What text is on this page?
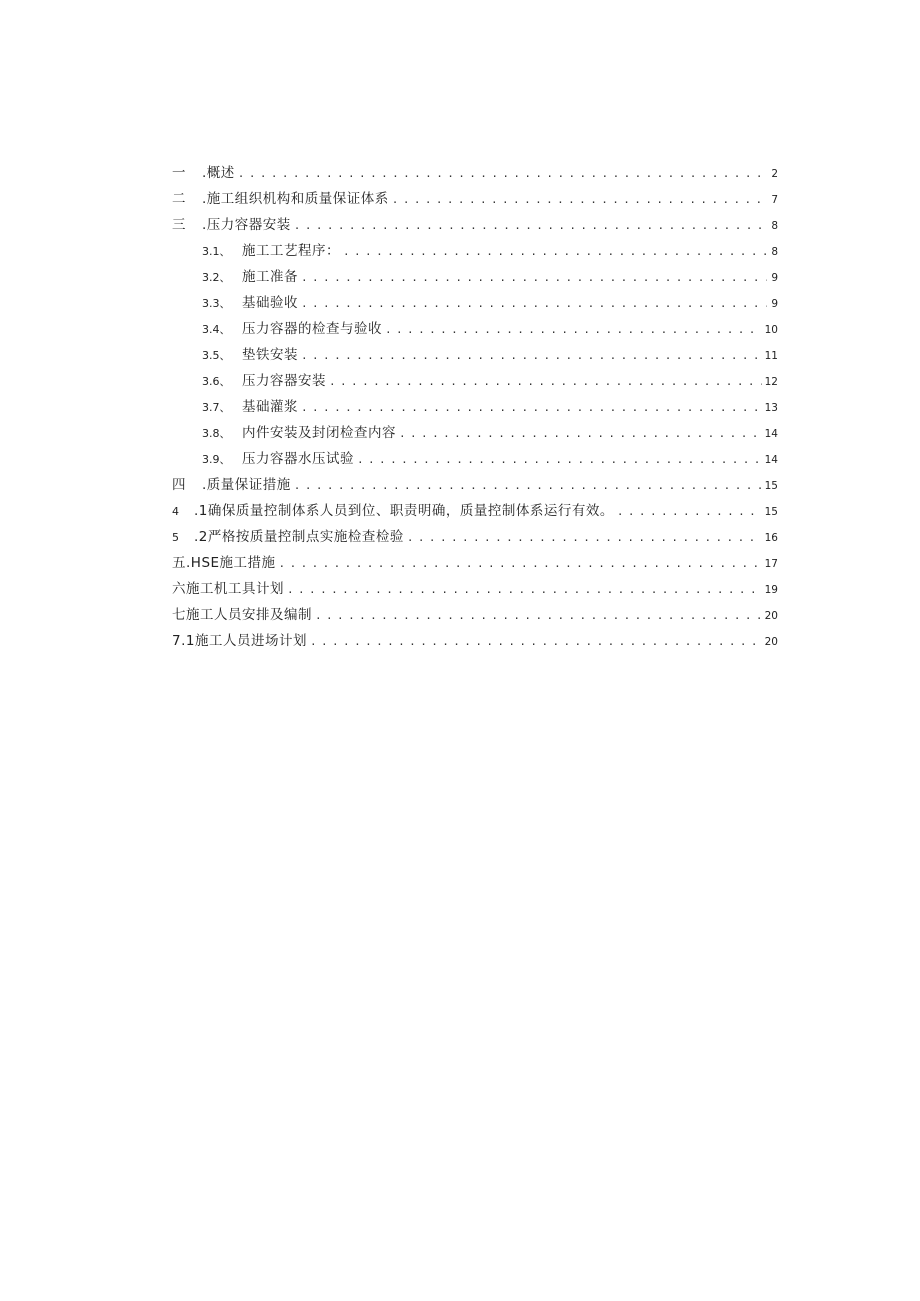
一	.概述 .....	2
二	.施工组织机构和质量保证体系 .....	7
三	.压力容器安装 .....	8
3.1、 施工工艺程序： .....	8
3.2、 施工准备 .....	9
3.3、 基础验收 .....	9
3.4、 压力容器的检查与验收 .....	10
3.5、 垫铁安装 .....	11
3.6、 压力容器安装 .....	12
3.7、 基础灌浆 .....	13
3.8、 内件安装及封闭检查内容 .....	14
3.9、 压力容器水压试验 .....	14
四	.质量保证措施 .....	15
4	.1确保质量控制体系人员到位、职责明确，质量控制体系运行有效。 .....	15
5	.2严格按质量控制点实施检查检验 .....	16
五.HSE施工措施 .....	17
六施工机工具计划 .....	19
七施工人员安排及编制 .....	20
7.1施工人员进场计划 .....	20
